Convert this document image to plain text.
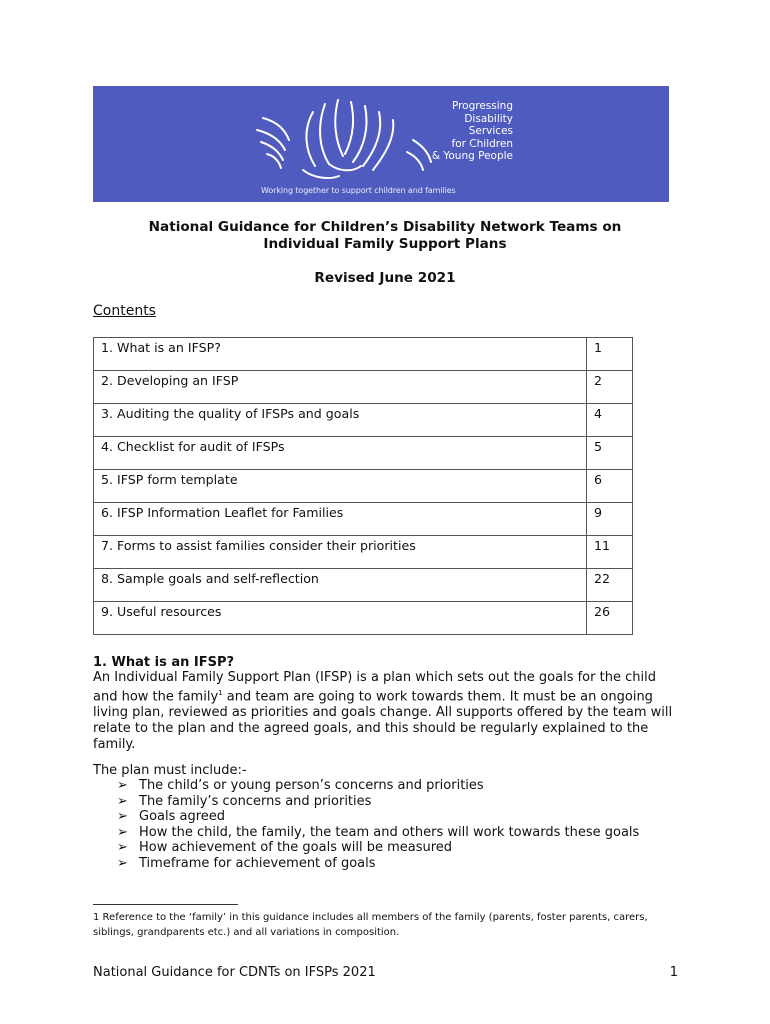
Progressing
Disability
Services
for Children
& Young People
Working together to support children and families
National Guidance for Children’s Disability Network Teams on
Individual Family Support Plans
Revised June 2021
Contents
1. What is an IFSP?	1
2. Developing an IFSP	2
3. Auditing the quality of IFSPs and goals	4
4. Checklist for audit of IFSPs	5
5. IFSP form template	6
6. IFSP Information Leaflet for Families	9
7. Forms to assist families consider their priorities	11
8. Sample goals and self-reflection	22
9. Useful resources	26
1. What is an IFSP?
An Individual Family Support Plan (IFSP) is a plan which sets out the goals for the child and how the family$^1$ and team are going to work towards them. It must be an ongoing living plan, reviewed as priorities and goals change. All supports offered by the team will relate to the plan and the agreed goals, and this should be regularly explained to the family.
The plan must include:-
➢ The child’s or young person’s concerns and priorities
➢ The family’s concerns and priorities
➢ Goals agreed
➢ How the child, the family, the team and others will work towards these goals
➢ How achievement of the goals will be measured
➢ Timeframe for achievement of goals
1 Reference to the ‘family’ in this guidance includes all members of the family (parents, foster parents, carers, siblings, grandparents etc.) and all variations in composition.
National Guidance for CDNTs on IFSPs 2021	1
